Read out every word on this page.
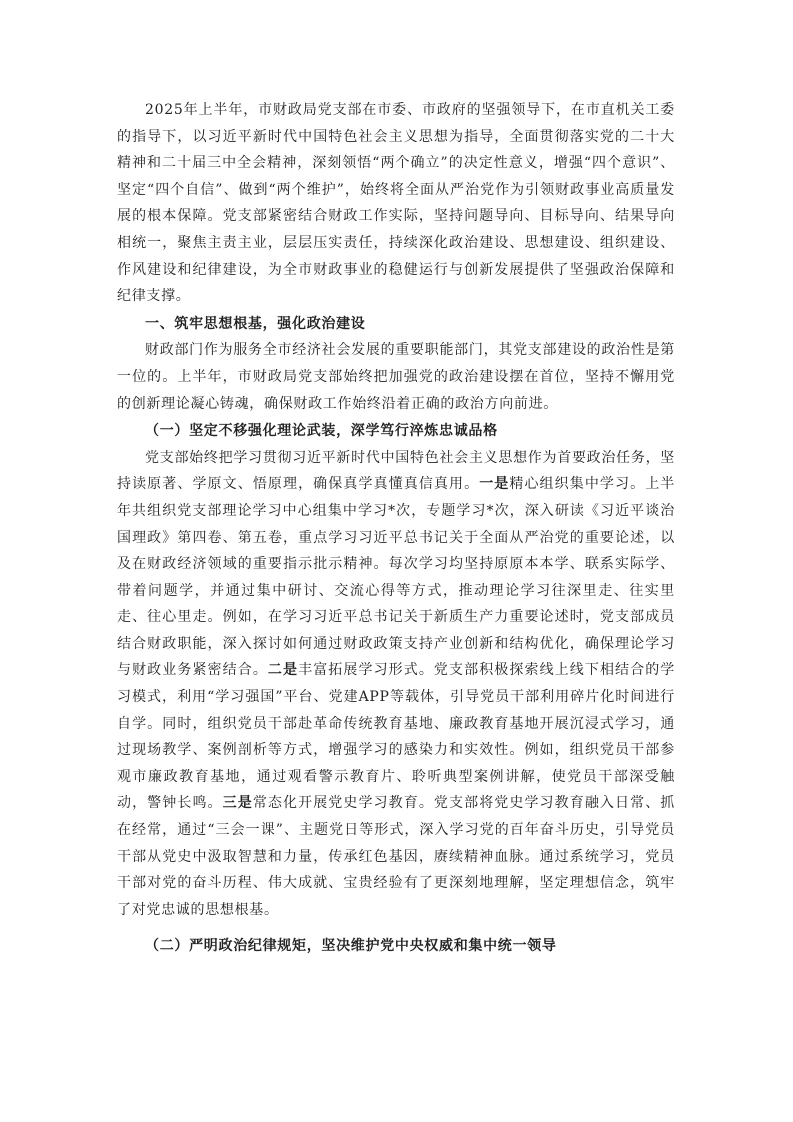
2025年上半年，市财政局党支部在市委、市政府的坚强领导下，在市直机关工委的指导下，以习近平新时代中国特色社会主义思想为指导，全面贯彻落实党的二十大精神和二十届三中全会精神，深刻领悟“两个确立”的决定性意义，增强“四个意识”、坚定“四个自信”、做到“两个维护”，始终将全面从严治党作为引领财政事业高质量发展的根本保障。党支部紧密结合财政工作实际，坚持问题导向、目标导向、结果导向相统一，聚焦主责主业，层层压实责任，持续深化政治建设、思想建设、组织建设、作风建设和纪律建设，为全市财政事业的稳健运行与创新发展提供了坚强政治保障和纪律支撑。

一、筑牢思想根基，强化政治建设

财政部门作为服务全市经济社会发展的重要职能部门，其党支部建设的政治性是第一位的。上半年，市财政局党支部始终把加强党的政治建设摆在首位，坚持不懈用党的创新理论凝心铸魂，确保财政工作始终沿着正确的政治方向前进。

（一）坚定不移强化理论武装，深学笃行淬炼忠诚品格

党支部始终把学习贯彻习近平新时代中国特色社会主义思想作为首要政治任务，坚持读原著、学原文、悟原理，确保真学真懂真信真用。一是精心组织集中学习。上半年共组织党支部理论学习中心组集中学习*次，专题学习*次，深入研读《习近平谈治国理政》第四卷、第五卷，重点学习习近平总书记关于全面从严治党的重要论述，以及在财政经济领域的重要指示批示精神。每次学习均坚持原原本本学、联系实际学、带着问题学，并通过集中研讨、交流心得等方式，推动理论学习往深里走、往实里走、往心里走。例如，在学习习近平总书记关于新质生产力重要论述时，党支部成员结合财政职能，深入探讨如何通过财政政策支持产业创新和结构优化，确保理论学习与财政业务紧密结合。二是丰富拓展学习形式。党支部积极探索线上线下相结合的学习模式，利用“学习强国”平台、党建APP等载体，引导党员干部利用碎片化时间进行自学。同时，组织党员干部赴革命传统教育基地、廉政教育基地开展沉浸式学习，通过现场教学、案例剖析等方式，增强学习的感染力和实效性。例如，组织党员干部参观市廉政教育基地，通过观看警示教育片、聆听典型案例讲解，使党员干部深受触动，警钟长鸣。三是常态化开展党史学习教育。党支部将党史学习教育融入日常、抓在经常，通过“三会一课”、主题党日等形式，深入学习党的百年奋斗历史，引导党员干部从党史中汲取智慧和力量，传承红色基因，赓续精神血脉。通过系统学习，党员干部对党的奋斗历程、伟大成就、宝贵经验有了更深刻地理解，坚定理想信念，筑牢了对党忠诚的思想根基。

（二）严明政治纪律规矩，坚决维护党中央权威和集中统一领导
